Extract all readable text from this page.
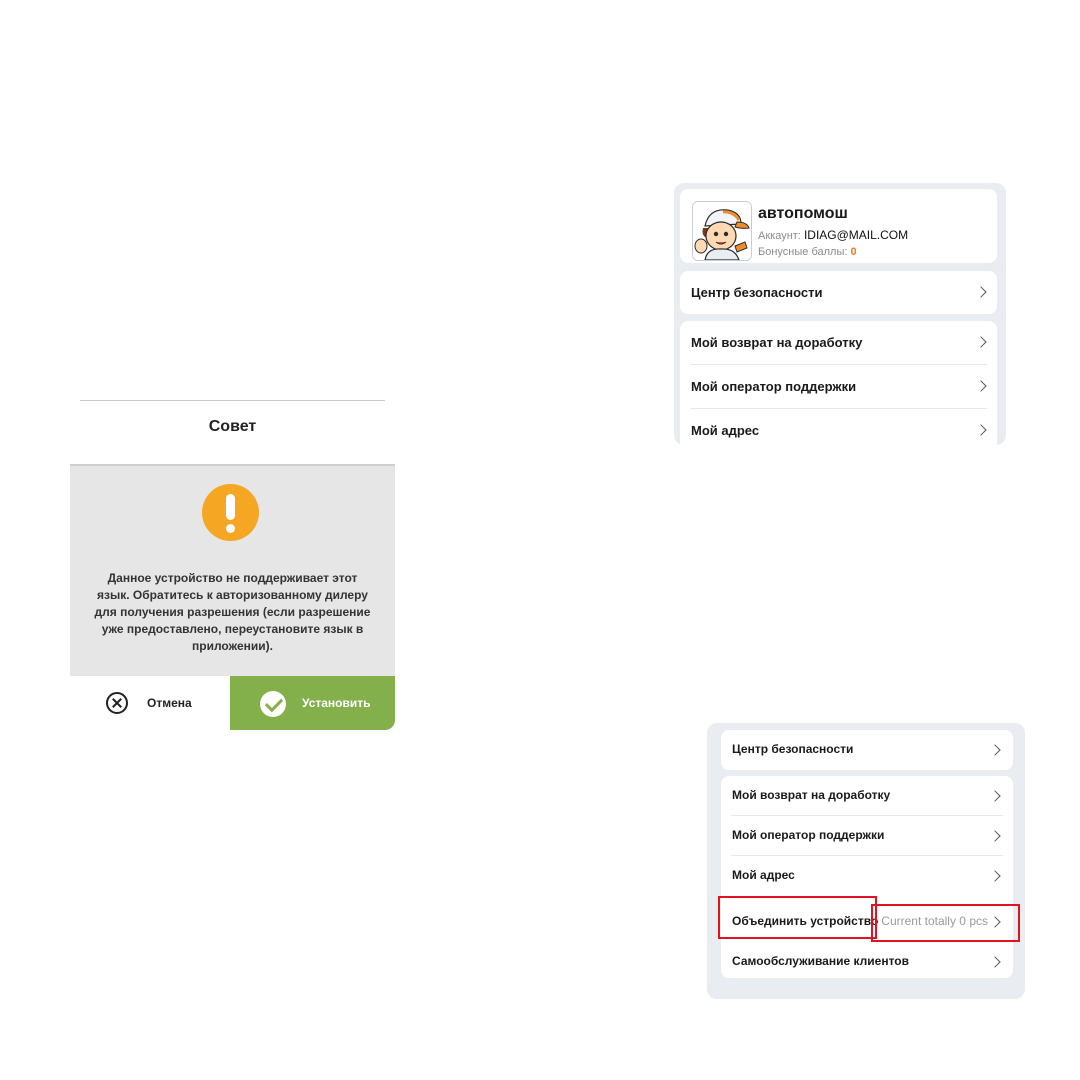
Совет
Данное устройство не поддерживает этот язык. Обратитесь к авторизованному дилеру для получения разрешения (если разрешение уже предоставлено, переустановите язык в приложении).
Отмена	Установить
автопомош
Аккаунт: IDIAG@MAIL.COM
Бонусные баллы: 0
Центр безопасности
Мой возврат на доработку
Мой оператор поддержки
Мой адрес
Центр безопасности
Мой возврат на доработку
Мой оператор поддержки
Мой адрес
Объединить устройство Current totally 0 pcs
Самообслуживание клиентов
